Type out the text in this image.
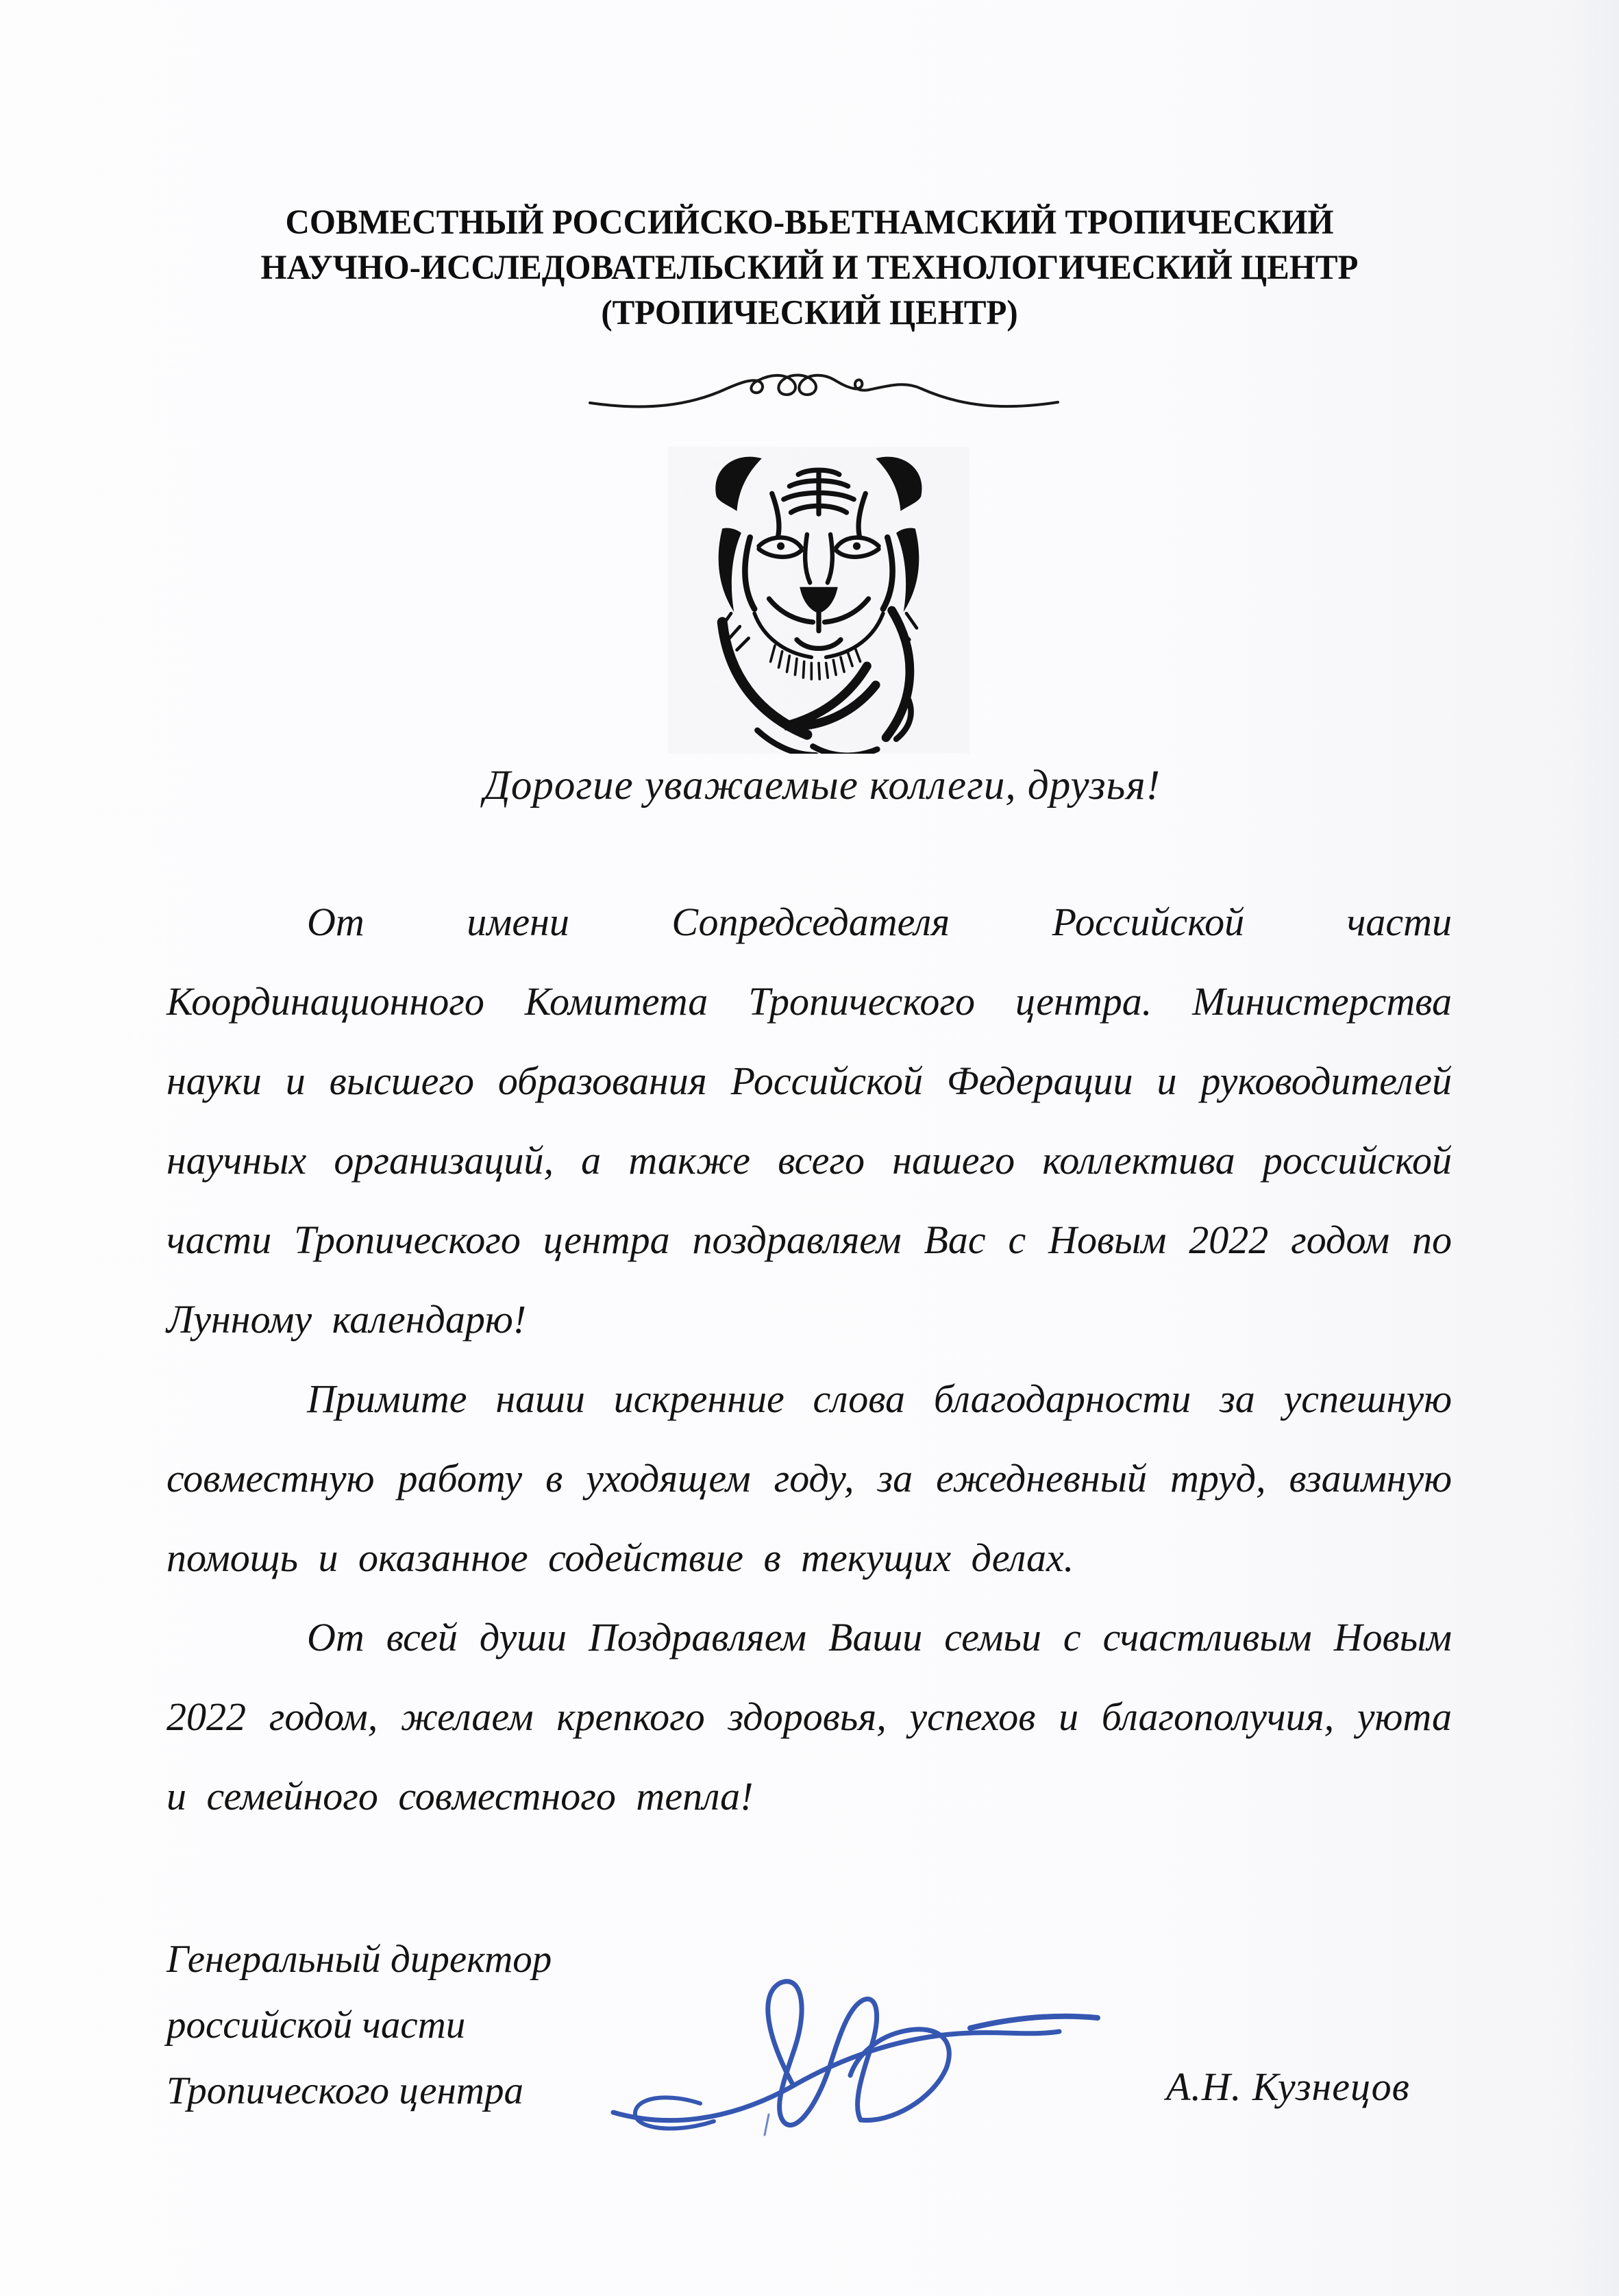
СОВМЕСТНЫЙ РОССИЙСКО-ВЬЕТНАМСКИЙ ТРОПИЧЕСКИЙ
НАУЧНО-ИССЛЕДОВАТЕЛЬСКИЙ И ТЕХНОЛОГИЧЕСКИЙ ЦЕНТР
(ТРОПИЧЕСКИЙ ЦЕНТР)
Дорогие уважаемые коллеги, друзья!

От имени Сопредседателя Российской части Координационного Комитета Тропического центра. Министерства науки и высшего образования Российской Федерации и руководителей научных организаций, а также всего нашего коллектива российской части Тропического центра поздравляем Вас с Новым 2022 годом по Лунному календарю!

Примите наши искренние слова благодарности за успешную совместную работу в уходящем году, за ежедневный труд, взаимную помощь и оказанное содействие в текущих делах.

От всей души Поздравляем Ваши семьи с счастливым Новым 2022 годом, желаем крепкого здоровья, успехов и благополучия, уюта и семейного совместного тепла!

Генеральный директор
российской части
Тропического центра	А.Н. Кузнецов
